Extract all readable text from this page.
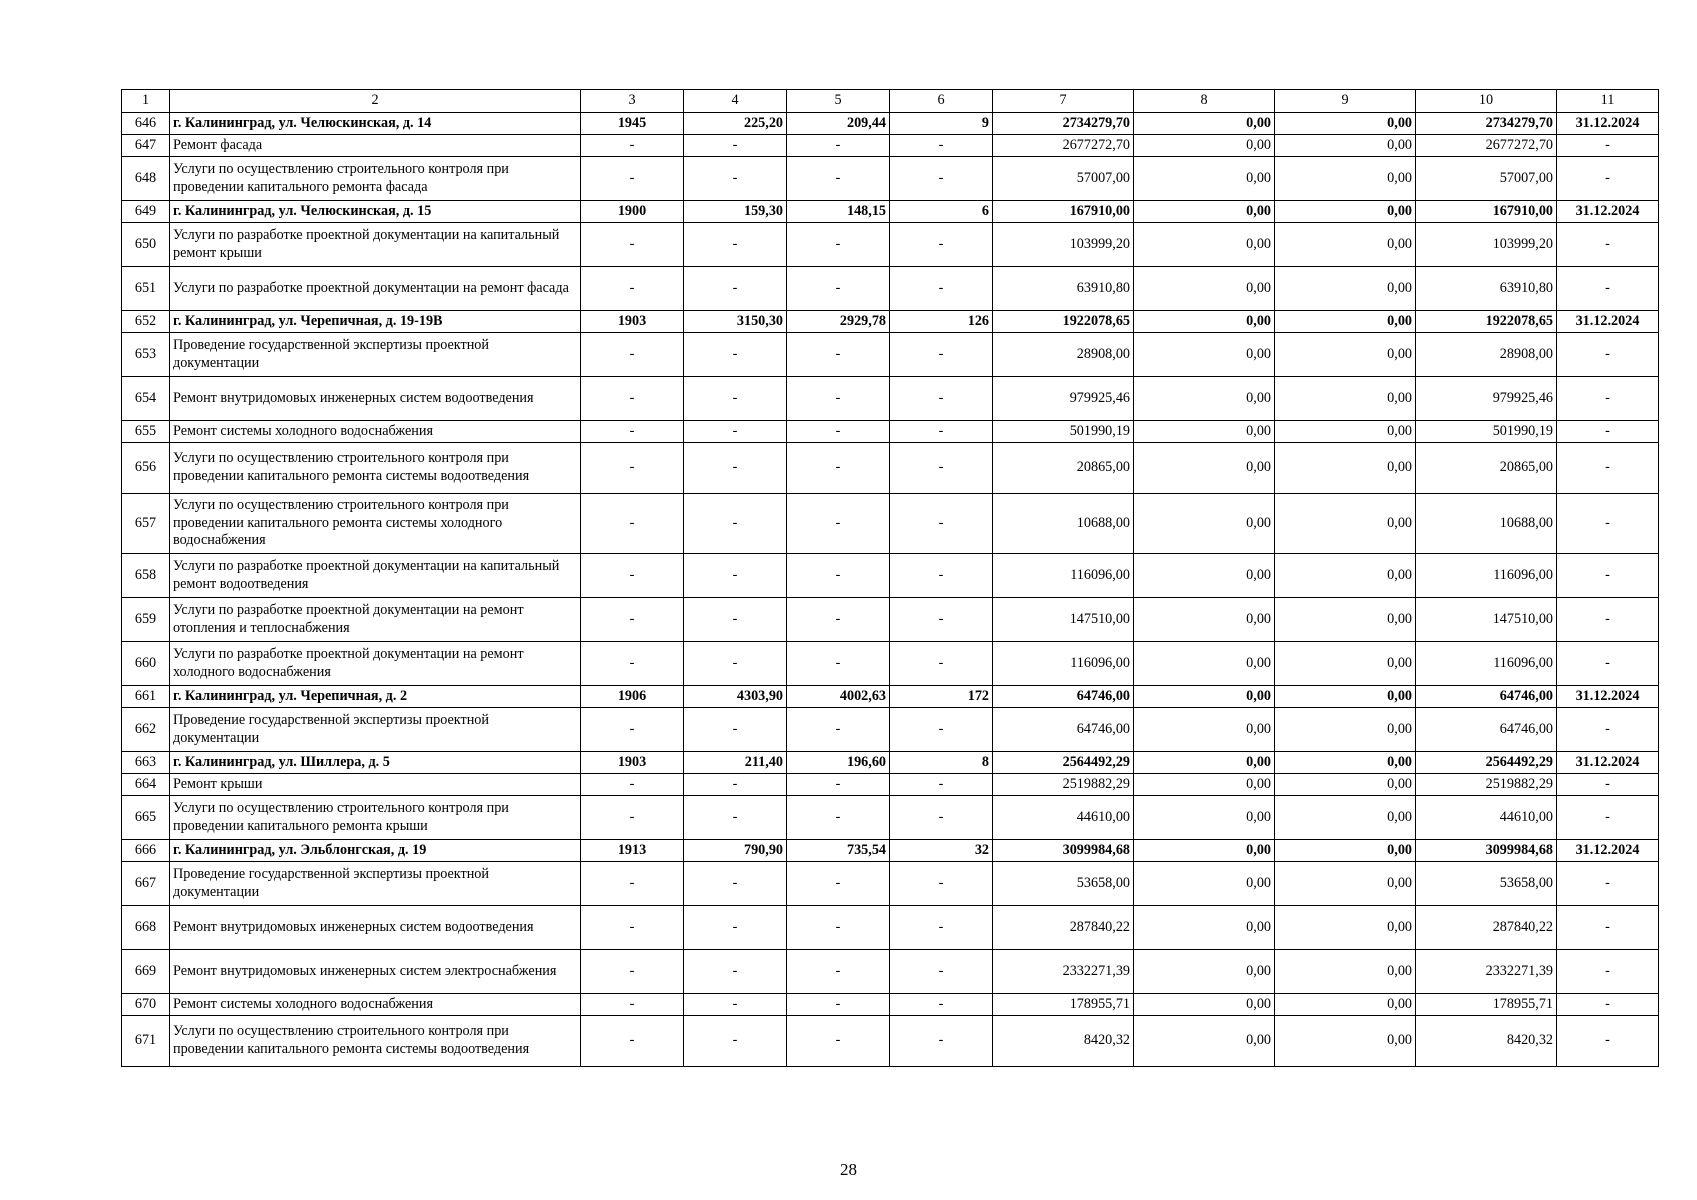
1	2	3	4	5	6	7	8	9	10	11
646	г. Калининград, ул. Челюскинская, д. 14	1945	225,20	209,44	9	2734279,70	0,00	0,00	2734279,70	31.12.2024
647	Ремонт фасада	-	-	-	-	2677272,70	0,00	0,00	2677272,70	-
648	Услуги по осуществлению строительного контроля при проведении капитального ремонта фасада	-	-	-	-	57007,00	0,00	0,00	57007,00	-
649	г. Калининград, ул. Челюскинская, д. 15	1900	159,30	148,15	6	167910,00	0,00	0,00	167910,00	31.12.2024
650	Услуги по разработке проектной документации на капитальный ремонт крыши	-	-	-	-	103999,20	0,00	0,00	103999,20	-
651	Услуги по разработке проектной документации на ремонт фасада	-	-	-	-	63910,80	0,00	0,00	63910,80	-
652	г. Калининград, ул. Черепичная, д. 19-19В	1903	3150,30	2929,78	126	1922078,65	0,00	0,00	1922078,65	31.12.2024
653	Проведение государственной экспертизы проектной документации	-	-	-	-	28908,00	0,00	0,00	28908,00	-
654	Ремонт внутридомовых инженерных систем водоотведения	-	-	-	-	979925,46	0,00	0,00	979925,46	-
655	Ремонт системы холодного водоснабжения	-	-	-	-	501990,19	0,00	0,00	501990,19	-
656	Услуги по осуществлению строительного контроля при проведении капитального ремонта системы водоотведения	-	-	-	-	20865,00	0,00	0,00	20865,00	-
657	Услуги по осуществлению строительного контроля при проведении капитального ремонта системы холодного водоснабжения	-	-	-	-	10688,00	0,00	0,00	10688,00	-
658	Услуги по разработке проектной документации на капитальный ремонт водоотведения	-	-	-	-	116096,00	0,00	0,00	116096,00	-
659	Услуги по разработке проектной документации на ремонт отопления и теплоснабжения	-	-	-	-	147510,00	0,00	0,00	147510,00	-
660	Услуги по разработке проектной документации на ремонт холодного водоснабжения	-	-	-	-	116096,00	0,00	0,00	116096,00	-
661	г. Калининград, ул. Черепичная, д. 2	1906	4303,90	4002,63	172	64746,00	0,00	0,00	64746,00	31.12.2024
662	Проведение государственной экспертизы проектной документации	-	-	-	-	64746,00	0,00	0,00	64746,00	-
663	г. Калининград, ул. Шиллера, д. 5	1903	211,40	196,60	8	2564492,29	0,00	0,00	2564492,29	31.12.2024
664	Ремонт крыши	-	-	-	-	2519882,29	0,00	0,00	2519882,29	-
665	Услуги по осуществлению строительного контроля при проведении капитального ремонта крыши	-	-	-	-	44610,00	0,00	0,00	44610,00	-
666	г. Калининград, ул. Эльблонгская, д. 19	1913	790,90	735,54	32	3099984,68	0,00	0,00	3099984,68	31.12.2024
667	Проведение государственной экспертизы проектной документации	-	-	-	-	53658,00	0,00	0,00	53658,00	-
668	Ремонт внутридомовых инженерных систем водоотведения	-	-	-	-	287840,22	0,00	0,00	287840,22	-
669	Ремонт внутридомовых инженерных систем электроснабжения	-	-	-	-	2332271,39	0,00	0,00	2332271,39	-
670	Ремонт системы холодного водоснабжения	-	-	-	-	178955,71	0,00	0,00	178955,71	-
671	Услуги по осуществлению строительного контроля при проведении капитального ремонта системы водоотведения	-	-	-	-	8420,32	0,00	0,00	8420,32	-
28
